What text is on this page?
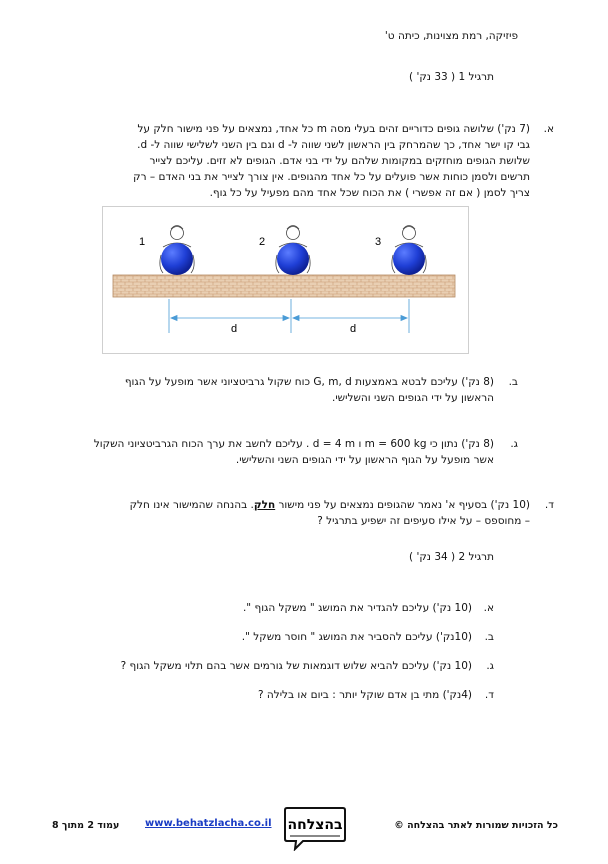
פיזיקה, רמת מצוינות, כיתה ט'
תרגיל 1 ( 33 נק' )
א.
(7 נק') שלושה גופים כדוריים זהים בעלי מסה m כל אחד, נמצאים על פני מישור חלק על
גבי קו ישר אחד, כך שהמרחק בין הראשון לשני שווה ל- d וגם בין השני לשלישי שווה ל- d.
שלושת הגופים מוחזקים במקומות שלהם על ידי בני אדם. הגופים לא זזים. עליכם לצייר
תרשים ולסמן כוחות אשר פועלים על כל אחד מהגופים. אין צורך לצייר את בני האדם – רק
צריך לסמן ( אם זה אפשרי ) את הכוח שכל אחד מהם מפעיל על כל גוף.
1	2	3
d	d
ב.
(8 נק') עליכם לבטא באמצעות G, m, d כוח שקול גרביטציוני אשר מופעל על הגוף
הראשון על ידי הגופים השני והשלישי.
ג.
(8 נק') נתון כי m = 600 kg ו d = 4 m . עליכם לחשב את ערך הכוח הגרביטציוני השקול
אשר מופעל על הגוף הראשון על ידי הגופים השני והשלישי.
ד.
(10 נק') בסעיף א' נאמר שהגופים נמצאים על פני מישור חלק. בהנחה שהמישור אינו חלק
– מחוספס – על אילו סעיפים זה ישפיע בתרגיל ?
תרגיל 2 ( 34 נק' )
א.
(10 נק') עליכם להגדיר את המושג " משקל הגוף ".
ב.
(10נק') עליכם להסביר את המושג " חוסר משקל ".
ג.
(10 נק') עליכם להביא שלוש דוגמאות של גורמים אשר בהם תלוי משקל הגוף ?
ד.
(4נק') מתי בן אדם שוקל יותר : ביום או בלילה ?
כל הזכויות שמורות לאתר בהצלחה ©
www.behatzlacha.co.il
עמוד 2 מתוך 8	בהצלחה
